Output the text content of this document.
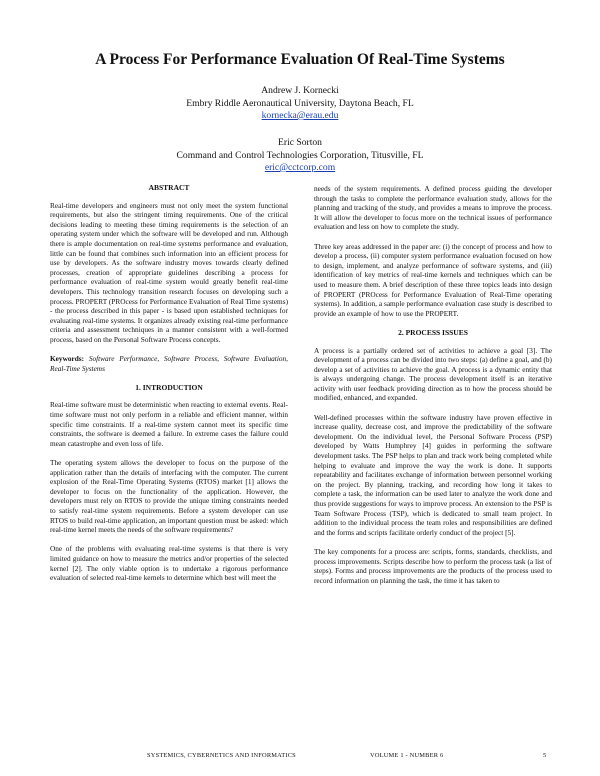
A Process For Performance Evaluation Of Real-Time Systems
Andrew J. Kornecki
Embry Riddle Aeronautical University, Daytona Beach, FL
kornecka@erau.edu
Eric Sorton
Command and Control Technologies Corporation, Titusville, FL
eric@cctcorp.com
ABSTRACT
Real-time developers and engineers must not only meet the system functional requirements, but also the stringent timing requirements. One of the critical decisions leading to meeting these timing requirements is the selection of an operating system under which the software will be developed and run. Although there is ample documentation on real-time systems performance and evaluation, little can be found that combines such information into an efficient process for use by developers. As the software industry moves towards clearly defined processes, creation of appropriate guidelines describing a process for performance evaluation of real-time system would greatly benefit real-time developers. This technology transition research focuses on developing such a process. PROPERT (PROcess for Performance Evaluation of Real Time systems) - the process described in this paper - is based upon established techniques for evaluating real-time systems. It organizes already existing real-time performance criteria and assessment techniques in a manner consistent with a well-formed process, based on the Personal Software Process concepts.
Keywords: Software Performance, Software Process, Software Evaluation, Real-Time Systems
1. INTRODUCTION
Real-time software must be deterministic when reacting to external events. Real-time software must not only perform in a reliable and efficient manner, within specific time constraints. If a real-time system cannot meet its specific time constraints, the software is deemed a failure. In extreme cases the failure could mean catastrophe and even loss of life.
The operating system allows the developer to focus on the purpose of the application rather than the details of interfacing with the computer. The current explosion of the Real-Time Operating Systems (RTOS) market [1] allows the developer to focus on the functionality of the application. However, the developers must rely on RTOS to provide the unique timing constraints needed to satisfy real-time system requirements. Before a system developer can use RTOS to build real-time application, an important question must be asked: which real-time kernel meets the needs of the software requirements?
One of the problems with evaluating real-time systems is that there is very limited guidance on how to measure the metrics and/or properties of the selected kernel [2]. The only viable option is to undertake a rigorous performance evaluation of selected real-time kernels to determine which best will meet the
needs of the system requirements. A defined process guiding the developer through the tasks to complete the performance evaluation study, allows for the planning and tracking of the study, and provides a means to improve the process. It will allow the developer to focus more on the technical issues of performance evaluation and less on how to complete the study.
Three key areas addressed in the paper are: (i) the concept of process and how to develop a process, (ii) computer system performance evaluation focused on how to design, implement, and analyze performance of software systems, and (iii) identification of key metrics of real-time kernels and techniques which can be used to measure them. A brief description of these three topics leads into design of PROPERT (PROcess for Performance Evaluation of Real-Time operating systems). In addition, a sample performance evaluation case study is described to provide an example of how to use the PROPERT.
2. PROCESS ISSUES
A process is a partially ordered set of activities to achieve a goal [3]. The development of a process can be divided into two steps: (a) define a goal, and (b) develop a set of activities to achieve the goal. A process is a dynamic entity that is always undergoing change. The process development itself is an iterative activity with user feedback providing direction as to how the process should be modified, enhanced, and expanded.
Well-defined processes within the software industry have proven effective in increase quality, decrease cost, and improve the predictability of the software development. On the individual level, the Personal Software Process (PSP) developed by Watts Humphrey [4] guides in performing the software development tasks. The PSP helps to plan and track work being completed while helping to evaluate and improve the way the work is done. It supports repeatability and facilitates exchange of information between personnel working on the project. By planning, tracking, and recording how long it takes to complete a task, the information can be used later to analyze the work done and thus provide suggestions for ways to improve process. An extension to the PSP is Team Software Process (TSP), which is dedicated to small team project. In addition to the individual process the team roles and responsibilities are defined and the forms and scripts facilitate orderly conduct of the project [5].
The key components for a process are: scripts, forms, standards, checklists, and process improvements. Scripts describe how to perform the process task (a list of steps). Forms and process improvements are the products of the process used to record information on planning the task, the time it has taken to
SYSTEMICS, CYBERNETICS AND INFORMATICS	VOLUME 1 - NUMBER 6	5
